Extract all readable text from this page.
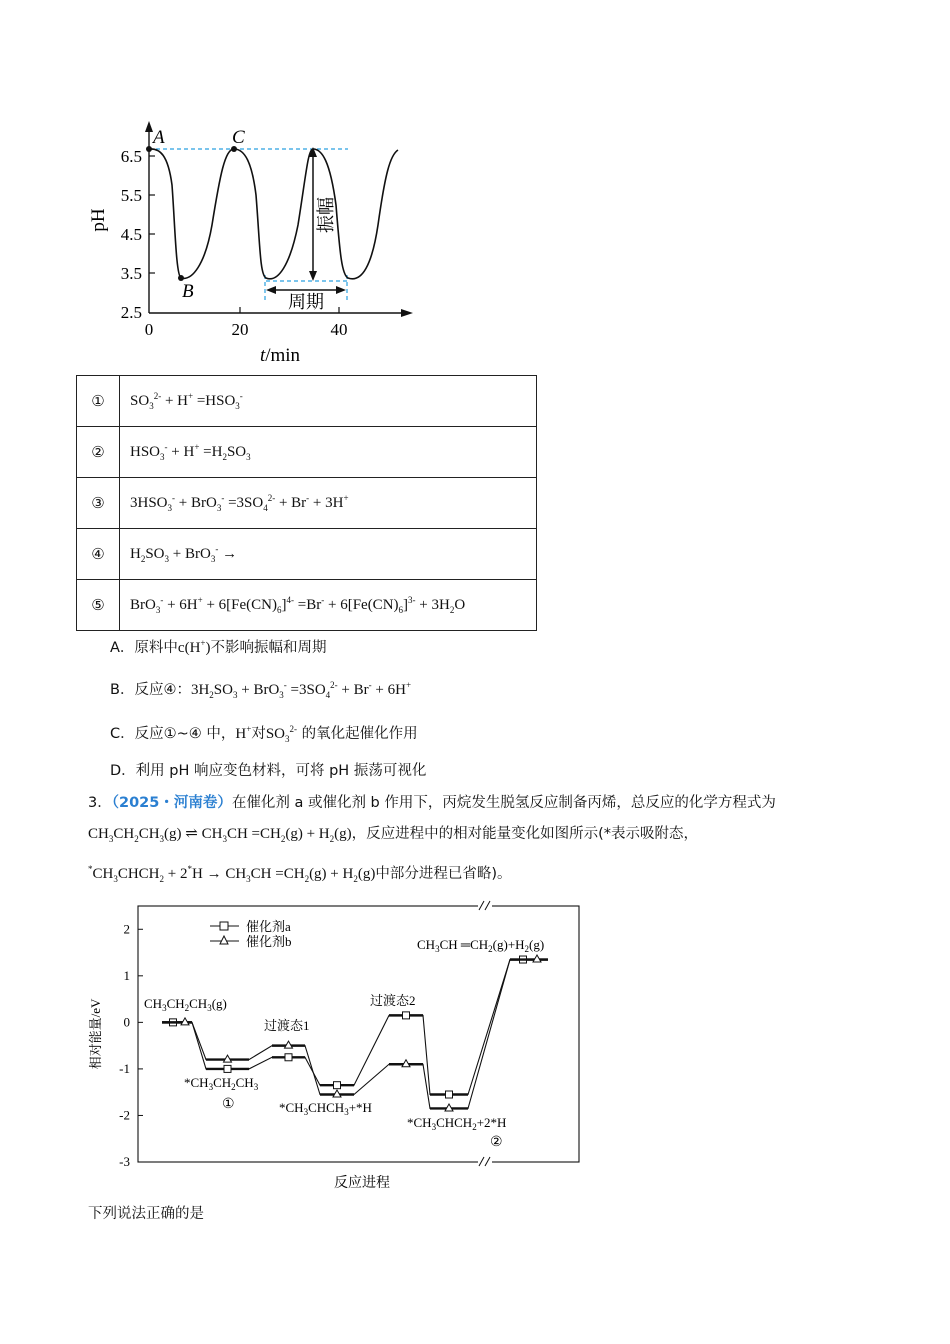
6.5
5.5
4.5
3.5
2.5
0	20	40
pH
t/min
A
B
C
振幅
周期
①	$SO_3^{2-} + H^+ =HSO_3^-$
②	$HSO_3^- + H^+ =H_2SO_3$
③	$3HSO_3^- + BrO_3^- =3SO_4^{2-} + Br^- + 3H^+$
④	$H_2SO_3 + BrO_3^-$ →
⑤	$BrO_3^- + 6H^+ + 6[Fe(CN)_6]^{4-} =Br^- + 6[Fe(CN)_6]^{3-} + 3H_2O$
A．原料中c(H+)不影响振幅和周期
B．反应④：$3H_2SO_3 + BrO_3^- =3SO_4^{2-} + Br^- + 6H^+$
C．反应①~④ 中，H+对$SO_3^{2-}$ 的氧化起催化作用
D．利用 pH 响应变色材料，可将 pH 振荡可视化
3．（2025・河南卷）在催化剂 a 或催化剂 b 作用下，丙烷发生脱氢反应制备丙烯，总反应的化学方程式为
$CH_3CH_2CH_3(g)$ ⇌ $CH_3CH =CH_2(g) + H_2(g)$，反应进程中的相对能量变化如图所示(*表示吸附态，
$^*CH_3CHCH_2 + 2^*H \to CH_3CH =CH_2(g) + H_2(g)$中部分进程已省略)。
2
1
0
-1
-2
-3
相对能量/eV
反应进程
催化剂a
催化剂b
$CH_3CH_2CH_3(g)$
过渡态1
过渡态2
$CH_3CH$ $═CH_2(g)+H_2(g)$
$*CH_3CH_2CH_3$
①	$*CH_3CHCH_3+*H$
$*CH_3CHCH_2+2*H$
②
下列说法正确的是
